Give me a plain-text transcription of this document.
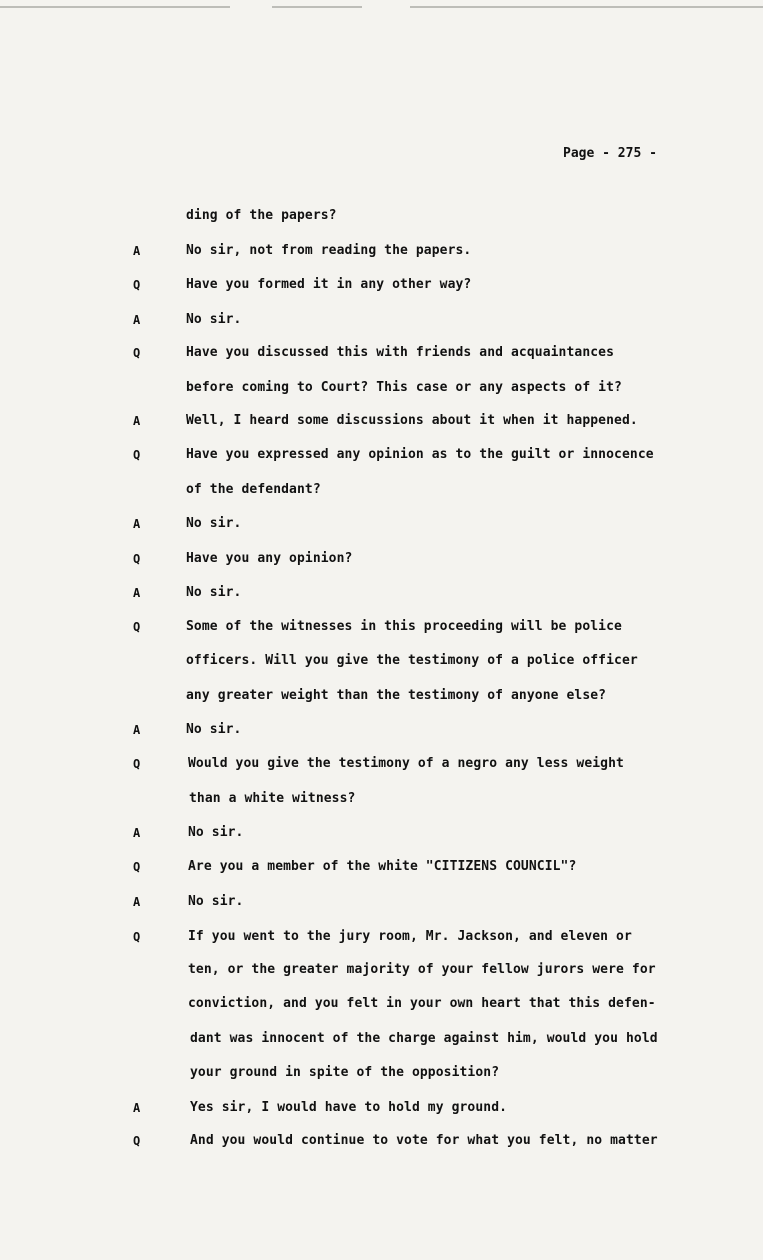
Page - 275 -
ding of the papers?
A	No sir, not from reading the papers.
Q	Have you formed it in any other way?
A	No sir.
Q	Have you discussed this with friends and acquaintances
before coming to Court? This case or any aspects of it?
A	Well, I heard some discussions about it when it happened.
Q	Have you expressed any opinion as to the guilt or innocence
of the defendant?
A	No sir.
Q	Have you any opinion?
A	No sir.
Q	Some of the witnesses in this proceeding will be police
officers. Will you give the testimony of a police officer
any greater weight than the testimony of anyone else?
A	No sir.
Q	Would you give the testimony of a negro any less weight
than a white witness?
A	No sir.
Q	Are you a member of the white "CITIZENS COUNCIL"?
A	No sir.
Q	If you went to the jury room, Mr. Jackson, and eleven or
ten, or the greater majority of your fellow jurors were for
conviction, and you felt in your own heart that this defen-
dant was innocent of the charge against him, would you hold
your ground in spite of the opposition?
A	Yes sir, I would have to hold my ground.
Q	And you would continue to vote for what you felt, no matter
